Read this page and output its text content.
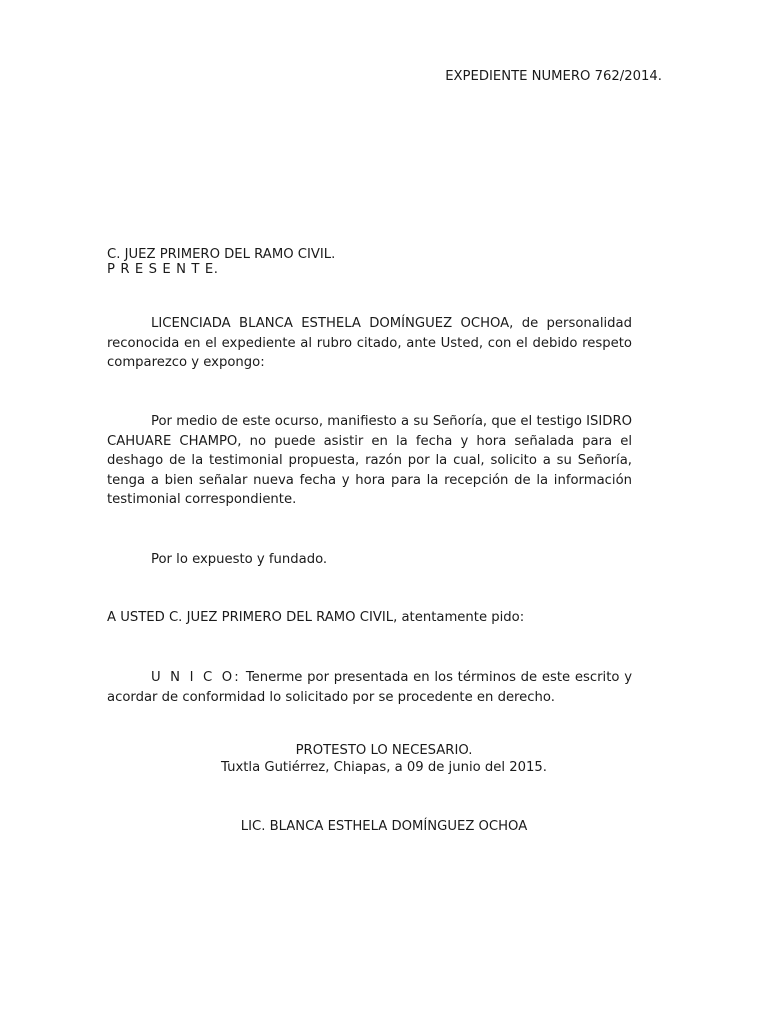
EXPEDIENTE NUMERO 762/2014.
C. JUEZ PRIMERO DEL RAMO CIVIL.
P R E S E N T E.
LICENCIADA BLANCA ESTHELA DOMÍNGUEZ OCHOA, de personalidad reconocida en el expediente al rubro citado, ante Usted, con el debido respeto comparezco y expongo:
Por medio de este ocurso, manifiesto a su Señoría, que el testigo ISIDRO CAHUARE CHAMPO, no puede asistir en la fecha y hora señalada para el deshago de la testimonial propuesta, razón por la cual, solicito a su Señoría, tenga a bien señalar nueva fecha y hora para la recepción de la información testimonial correspondiente.
Por lo expuesto y fundado.
A USTED C. JUEZ PRIMERO DEL RAMO CIVIL, atentamente pido:
U N I C O: Tenerme por presentada en los términos de este escrito y acordar de conformidad lo solicitado por se procedente en derecho.
PROTESTO LO NECESARIO.
Tuxtla Gutiérrez, Chiapas, a 09 de junio del 2015.
LIC. BLANCA ESTHELA DOMÍNGUEZ OCHOA
